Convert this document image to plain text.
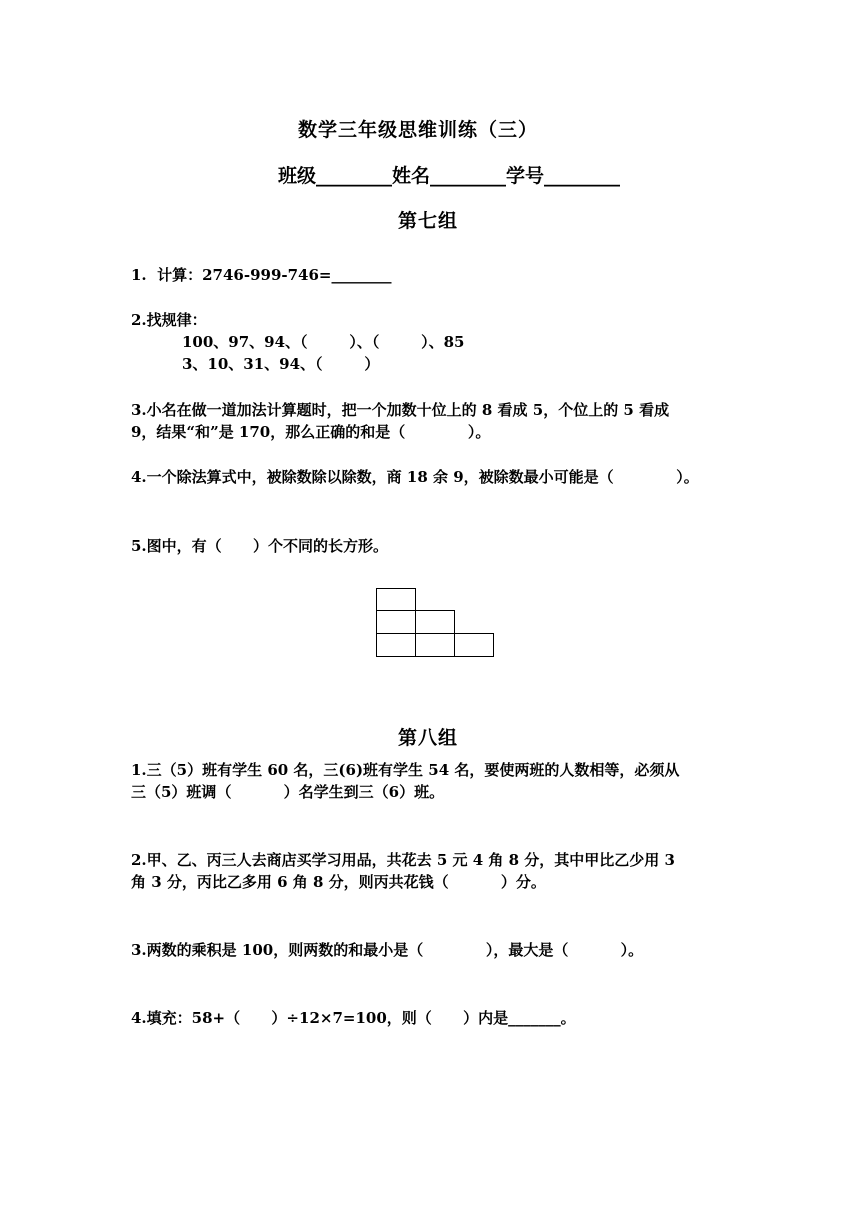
数学三年级思维训练（三）
班级________姓名________学号________
第七组
1.  计算：2746-999-746=________
2.找规律：
100、97、94、（        ）、（        ）、85
3、10、31、94、（        ）
3.小名在做一道加法计算题时，把一个加数十位上的 8 看成 5，个位上的 5 看成
9，结果“和”是 170，那么正确的和是（            ）。
4.一个除法算式中，被除数除以除数，商 18 余 9，被除数最小可能是（            ）。
5.图中，有（      ）个不同的长方形。
第八组
1.三（5）班有学生 60 名，三(6)班有学生 54 名，要使两班的人数相等，必须从
三（5）班调（          ）名学生到三（6）班。
2.甲、乙、丙三人去商店买学习用品，共花去 5 元 4 角 8 分，其中甲比乙少用 3
角 3 分，丙比乙多用 6 角 8 分，则丙共花钱（          ）分。
3.两数的乘积是 100，则两数的和最小是（            ），最大是（          ）。
4.填充：58+（      ）÷12×7=100，则（      ）内是_______。
